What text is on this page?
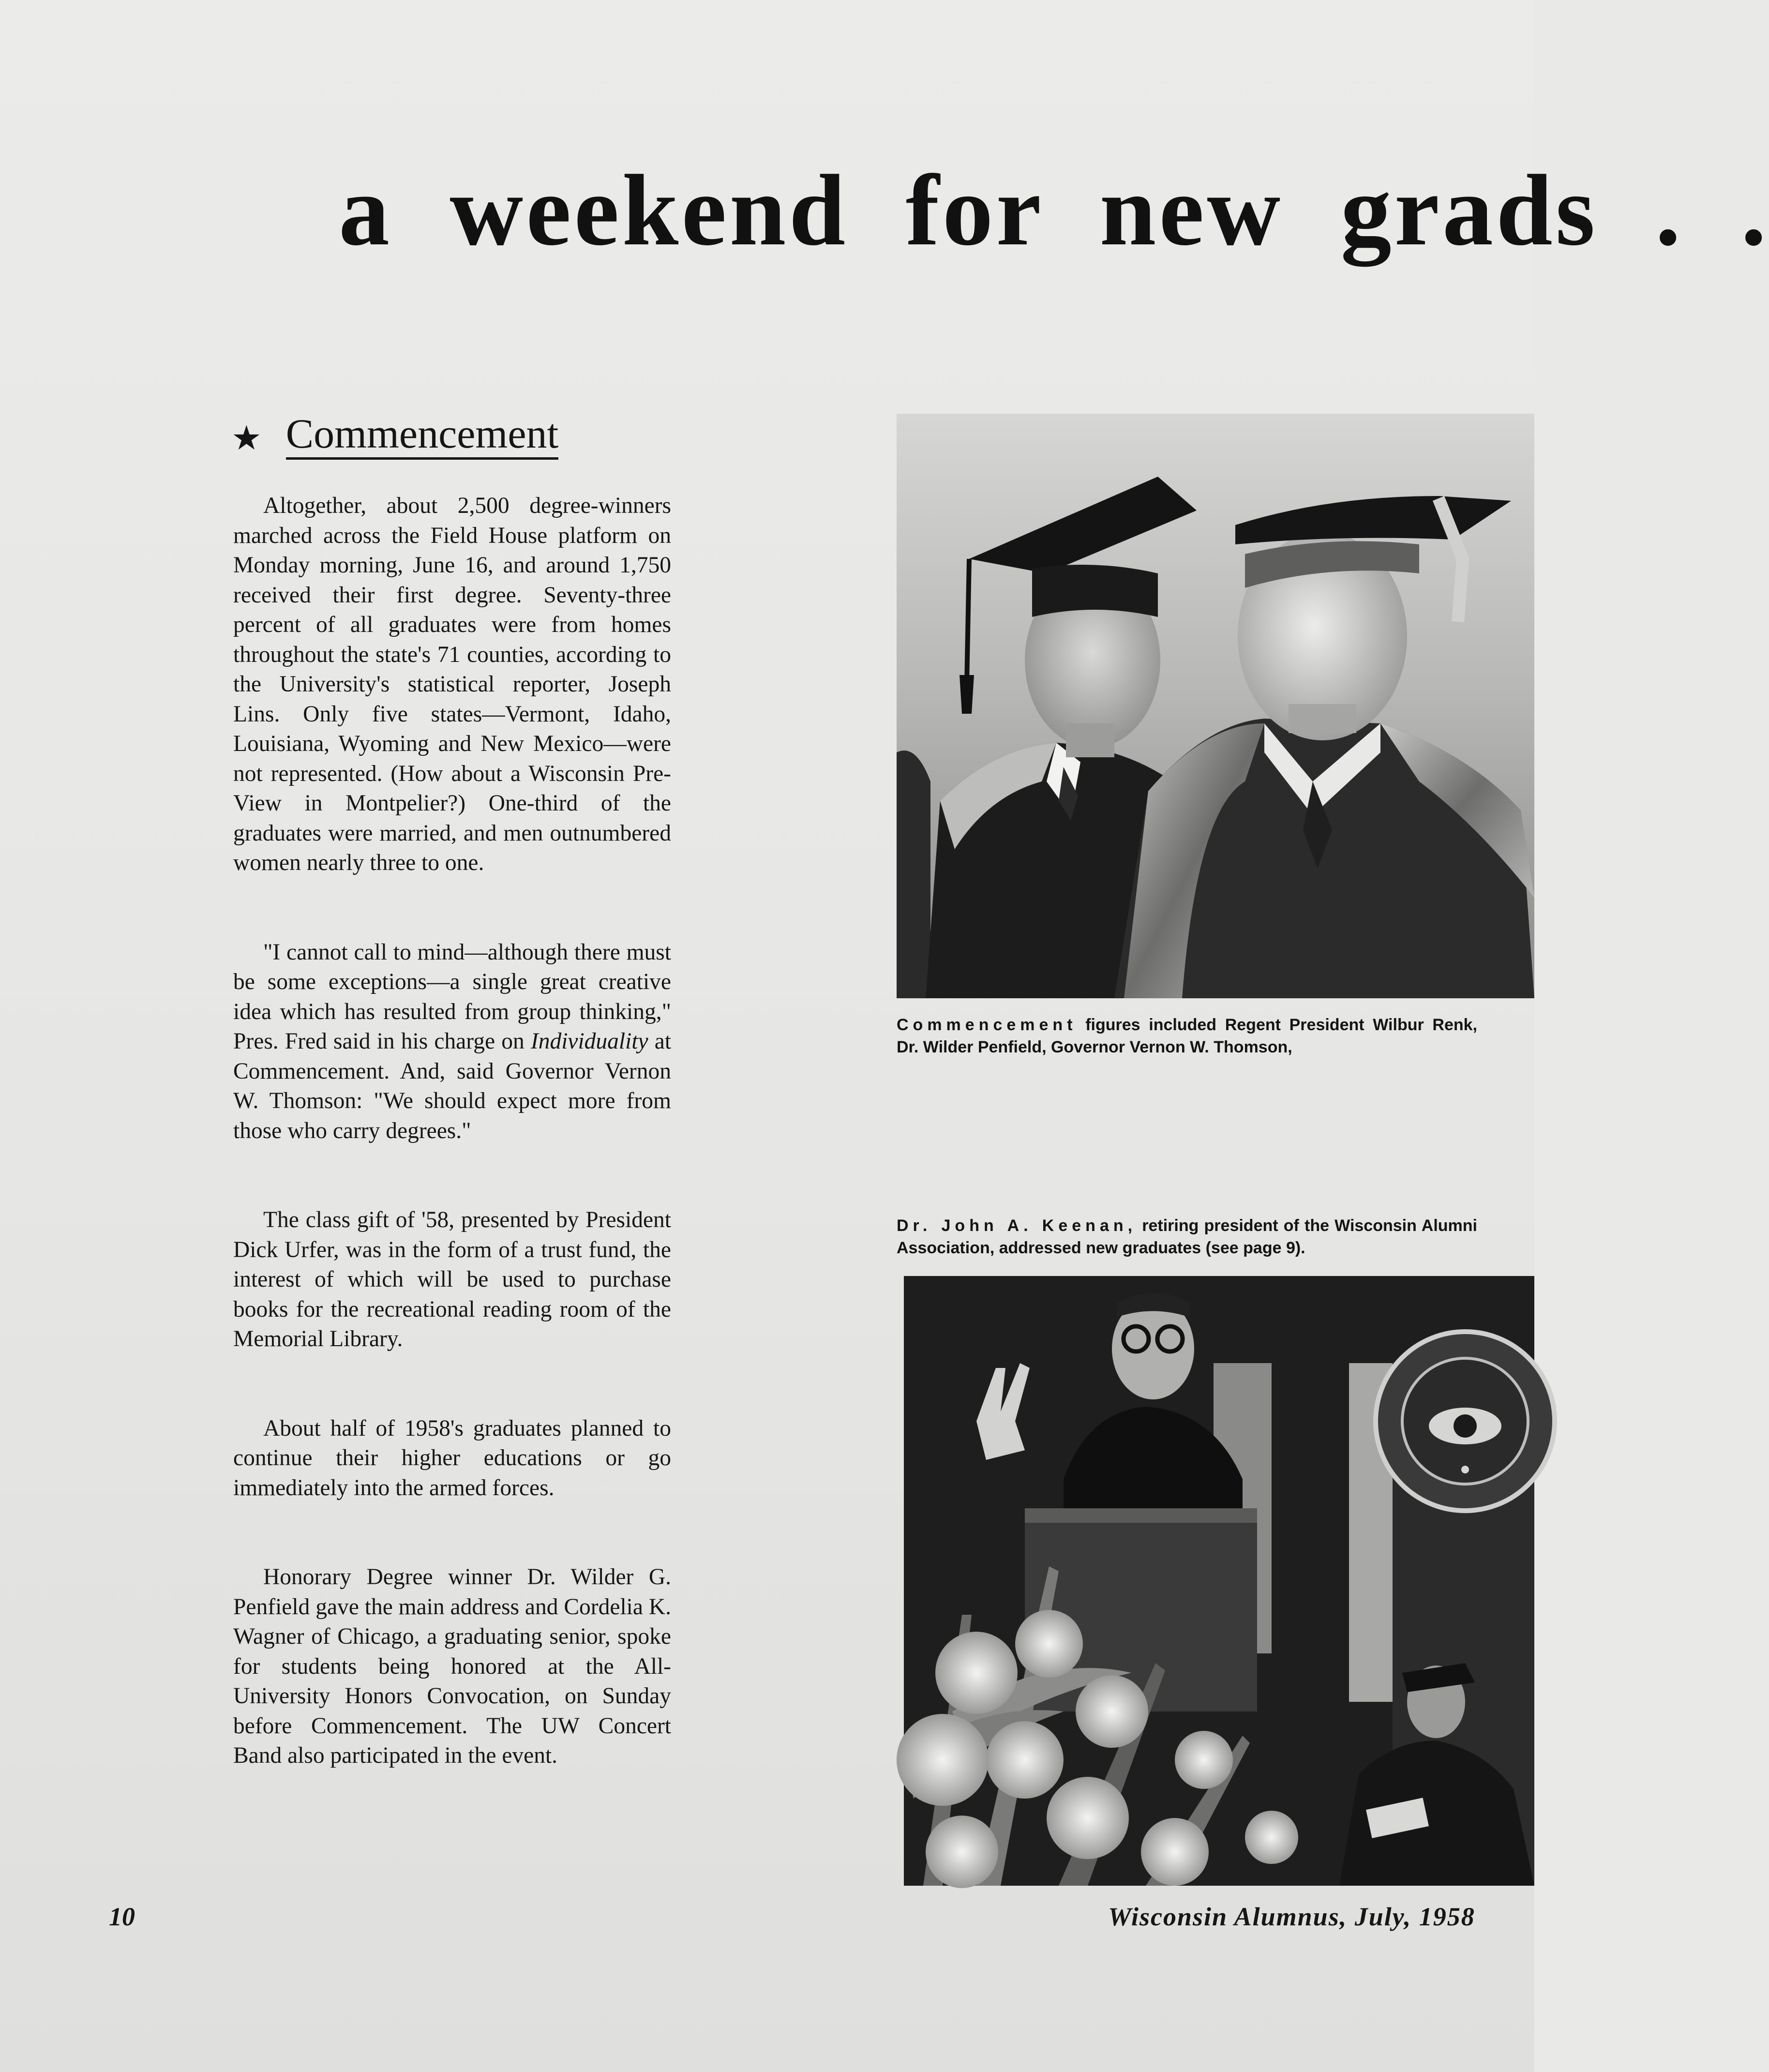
a weekend for new grads . .
★ Commencement

Altogether, about 2,500 degree-winners marched across the Field House platform on Monday morning, June 16, and around 1,750 received their first degree. Seventy-three percent of all graduates were from homes throughout the state's 71 counties, according to the University's statistical reporter, Joseph Lins. Only five states—Vermont, Idaho, Louisiana, Wyoming and New Mexico—were not represented. (How about a Wisconsin Pre-View in Montpelier?) One-third of the graduates were married, and men outnumbered women nearly three to one.

"I cannot call to mind—although there must be some exceptions—a single great creative idea which has resulted from group thinking," Pres. Fred said in his charge on Individuality at Commencement. And, said Governor Vernon W. Thomson: "We should expect more from those who carry degrees."

The class gift of '58, presented by President Dick Urfer, was in the form of a trust fund, the interest of which will be used to purchase books for the recreational reading room of the Memorial Library.

About half of 1958's graduates planned to continue their higher educations or go immediately into the armed forces.

Honorary Degree winner Dr. Wilder G. Penfield gave the main address and Cordelia K. Wagner of Chicago, a graduating senior, spoke for students being honored at the All-University Honors Convocation, on Sunday before Commencement. The UW Concert Band also participated in the event.

Commencement figures included Regent President Wilbur Renk, Dr. Wilder Penfield, Governor Vernon W. Thomson,
Dr. John A. Keenan, retiring president of the Wisconsin Alumni Association, addressed new graduates (see page 9).
10	Wisconsin Alumnus, July, 1958
